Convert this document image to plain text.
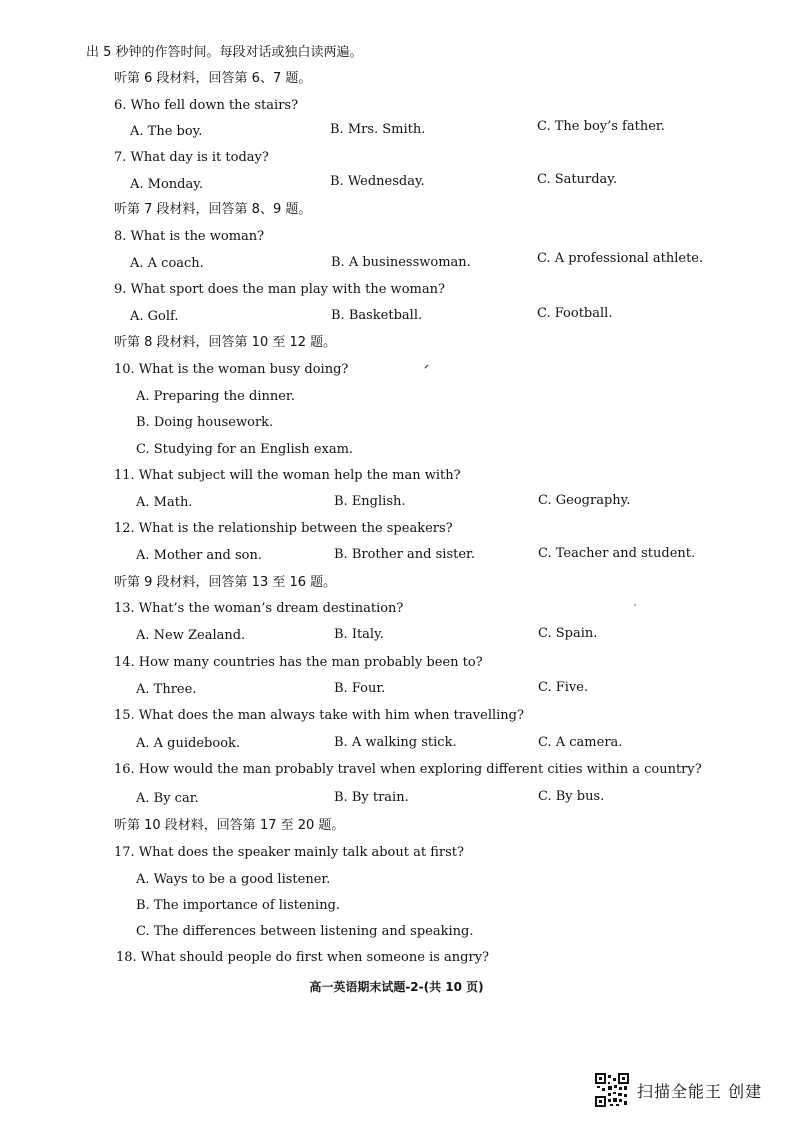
出 5 秒钟的作答时间。每段对话或独白读两遍。
听第 6 段材料，回答第 6、7 题。
6. Who fell down the stairs?
A. The boy.	B. Mrs. Smith.	C. The boy’s father.
7. What day is it today?
A. Monday.	B. Wednesday.	C. Saturday.
听第 7 段材料，回答第 8、9 题。
8. What is the woman?
A. A coach.	B. A businesswoman.	C. A professional athlete.
9. What sport does the man play with the woman?
A. Golf.	B. Basketball.	C. Football.
听第 8 段材料，回答第 10 至 12 题。
10. What is the woman busy doing?
A. Preparing the dinner.
B. Doing housework.
C. Studying for an English exam.
11. What subject will the woman help the man with?
A. Math.	B. English.	C. Geography.
12. What is the relationship between the speakers?
A. Mother and son.	B. Brother and sister.	C. Teacher and student.
听第 9 段材料，回答第 13 至 16 题。
13. What’s the woman’s dream destination?
A. New Zealand.	B. Italy.	C. Spain.
14. How many countries has the man probably been to?
A. Three.	B. Four.	C. Five.
15. What does the man always take with him when travelling?
A. A guidebook.	B. A walking stick.	C. A camera.
16. How would the man probably travel when exploring different cities within a country?
A. By car.	B. By train.	C. By bus.
听第 10 段材料，回答第 17 至 20 题。
17. What does the speaker mainly talk about at first?
A. Ways to be a good listener.
B. The importance of listening.
C. The differences between listening and speaking.
18. What should people do first when someone is angry?
高一英语期末试题-2-(共 10 页)
扫描全能王 创建
